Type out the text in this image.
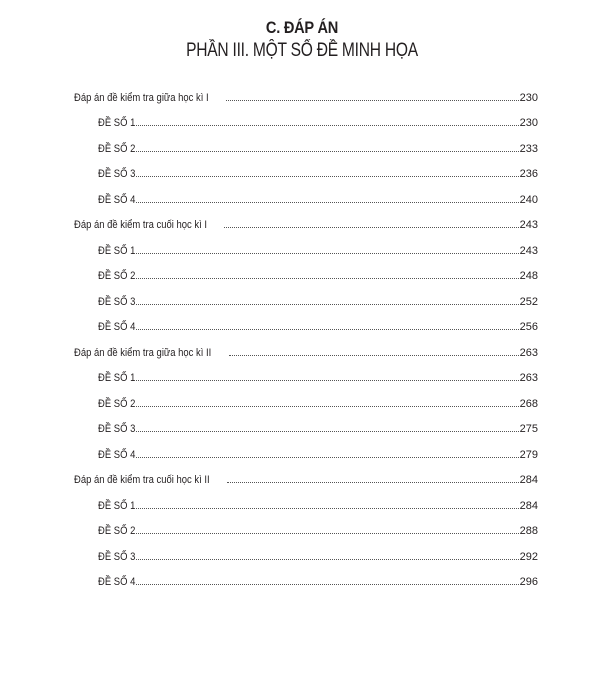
C. ĐÁP ÁN
PHẦN III. MỘT SỐ ĐỀ MINH HỌA
Đáp án đề kiểm tra giữa học kì I	230
ĐỀ SỐ 1	230
ĐỀ SỐ 2	233
ĐỀ SỐ 3	236
ĐỀ SỐ 4	240
Đáp án đề kiểm tra cuối học kì I	243
ĐỀ SỐ 1	243
ĐỀ SỐ 2	248
ĐỀ SỐ 3	252
ĐỀ SỐ 4	256
Đáp án đề kiểm tra giữa học kì II	263
ĐỀ SỐ 1	263
ĐỀ SỐ 2	268
ĐỀ SỐ 3	275
ĐỀ SỐ 4	279
Đáp án đề kiểm tra cuối học kì II	284
ĐỀ SỐ 1	284
ĐỀ SỐ 2	288
ĐỀ SỐ 3	292
ĐỀ SỐ 4	296
